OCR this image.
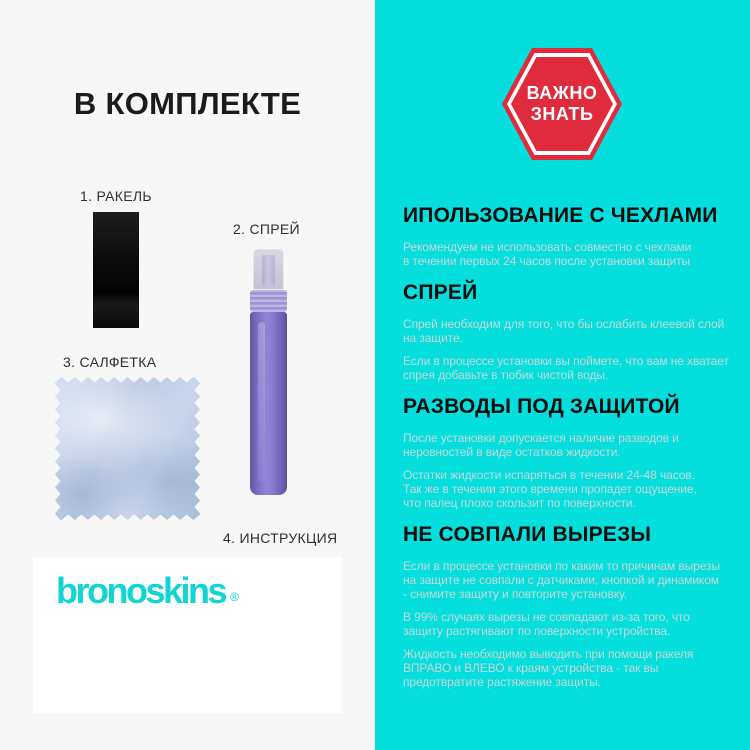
В КОМПЛЕКТЕ
1. РАКЕЛЬ
2. СПРЕЙ
3. САЛФЕТКА
4. ИНСТРУКЦИЯ
bronoskins ®
ВАЖНО
ЗНАТЬ
ИПОЛЬЗОВАНИЕ С ЧЕХЛАМИ

Рекомендуем не использовать совместно с чехлами
в течении первых 24 часов после установки защиты

СПРЕЙ

Спрей необходим для того, что бы ослабить клеевой слой
на защите.

Если в процессе установки вы поймете, что вам не хватает
спрея добавьте в тюбик чистой воды.

РАЗВОДЫ ПОД ЗАЩИТОЙ

После установки допускается наличие разводов и
неровностей в виде остатков жидкости.

Остатки жидкости испаряться в течении 24-48 часов.
Так же в течении этого времени пропадет ощущение,
что палец плохо скользит по поверхности.

НЕ СОВПАЛИ ВЫРЕЗЫ

Если в процессе установки по каким то причинам вырезы
на защите не совпали с датчиками, кнопкой и динамиком
- снимите защиту и повторите установку.

В 99% случаях вырезы не совпадают из-за того, что
защиту растягивают по поверхности устройства.

Жидкость необходимо выводить при помощи ракеля
ВПРАВО и ВЛЕВО к краям устройства - так вы
предотвратите растяжение защиты.
